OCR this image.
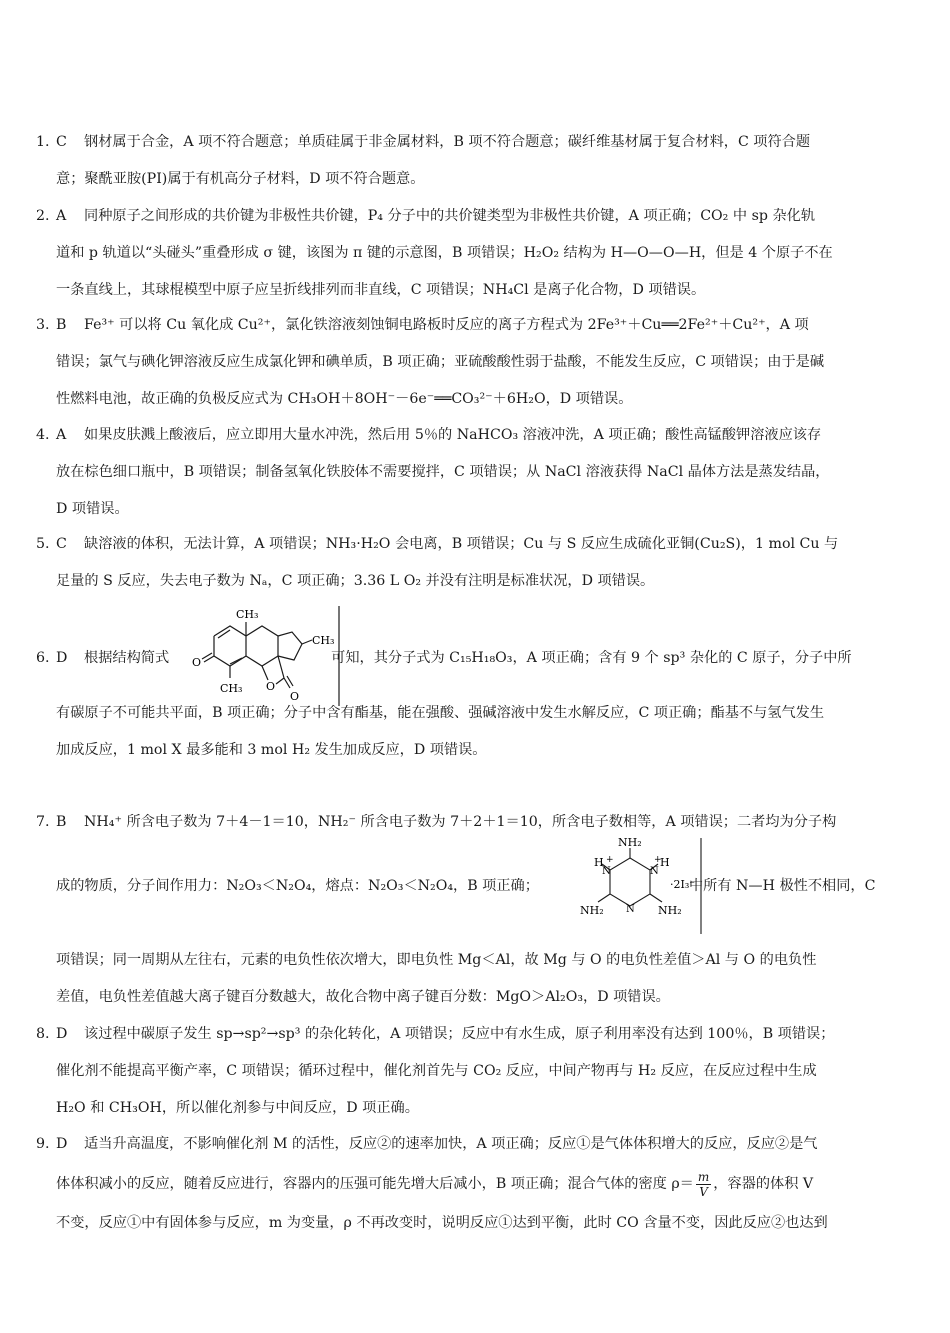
1. C 钢材属于合金，A 项不符合题意；单质硅属于非金属材料，B 项不符合题意；碳纤维基材属于复合材料，C 项符合题
意；聚酰亚胺(PI)属于有机高分子材料，D 项不符合题意。
2. A 同种原子之间形成的共价键为非极性共价键，P₄ 分子中的共价键类型为非极性共价键，A 项正确；CO₂ 中 sp 杂化轨
道和 p 轨道以“头碰头”重叠形成 σ 键，该图为 π 键的示意图，B 项错误；H₂O₂ 结构为 H—O—O—H，但是 4 个原子不在
一条直线上，其球棍模型中原子应呈折线排列而非直线，C 项错误；NH₄Cl 是离子化合物，D 项错误。
3. B Fe³⁺ 可以将 Cu 氧化成 Cu²⁺，氯化铁溶液刻蚀铜电路板时反应的离子方程式为 2Fe³⁺＋Cu══2Fe²⁺＋Cu²⁺，A 项
错误；氯气与碘化钾溶液反应生成氯化钾和碘单质，B 项正确；亚硫酸酸性弱于盐酸，不能发生反应，C 项错误；由于是碱
性燃料电池，故正确的负极反应式为 CH₃OH＋8OH⁻－6e⁻══CO₃²⁻＋6H₂O，D 项错误。
4. A 如果皮肤溅上酸液后，应立即用大量水冲洗，然后用 5％的 NaHCO₃ 溶液冲洗，A 项正确；酸性高锰酸钾溶液应该存
放在棕色细口瓶中，B 项错误；制备氢氧化铁胶体不需要搅拌，C 项错误；从 NaCl 溶液获得 NaCl 晶体方法是蒸发结晶，
D 项错误。
5. C 缺溶液的体积，无法计算，A 项错误；NH₃·H₂O 会电离，B 项错误；Cu 与 S 反应生成硫化亚铜(Cu₂S)，1 mol Cu 与
足量的 S 反应，失去电子数为 Nₐ，C 项正确；3.36 L O₂ 并没有注明是标准状况，D 项错误。
6. D 根据结构简式	可知，其分子式为 C₁₅H₁₈O₃，A 项正确；含有 9 个 sp³ 杂化的 C 原子，分子中所
有碳原子不可能共平面，B 项正确；分子中含有酯基，能在强酸、强碱溶液中发生水解反应，C 项正确；酯基不与氢气发生
加成反应，1 mol X 最多能和 3 mol H₂ 发生加成反应，D 项错误。
CH₃
CH₃
CH₃
O
O
O
7. B NH₄⁺ 所含电子数为 7＋4－1＝10，NH₂⁻ 所含电子数为 7＋2＋1＝10，所含电子数相等，A 项错误；二者均为分子构
成的物质，分子间作用力：N₂O₃＜N₂O₄，熔点：N₂O₃＜N₂O₄，B 项正确；	中所有 N—H 极性不相同，C
项错误；同一周期从左往右，元素的电负性依次增大，即电负性 Mg＜Al，故 Mg 与 O 的电负性差值＞Al 与 O 的电负性
差值，电负性差值越大离子键百分数越大，故化合物中离子键百分数：MgO＞Al₂O₃，D 项错误。
NH₂
NH₂	NH₂
H	H
N	N
N
+	+
·2I₃⁻
8. D 该过程中碳原子发生 sp→sp²→sp³ 的杂化转化，A 项错误；反应中有水生成，原子利用率没有达到 100％，B 项错误；
催化剂不能提高平衡产率，C 项错误；循环过程中，催化剂首先与 CO₂ 反应，中间产物再与 H₂ 反应，在反应过程中生成
H₂O 和 CH₃OH，所以催化剂参与中间反应，D 项正确。
9. D 适当升高温度，不影响催化剂 M 的活性，反应②的速率加快，A 项正确；反应①是气体体积增大的反应，反应②是气
体体积减小的反应，随着反应进行，容器内的压强可能先增大后减小，B 项正确；混合气体的密度 $\rho= \frac{m}{V}$ ，容器的体积 V
不变，反应①中有固体参与反应，m 为变量，ρ 不再改变时，说明反应①达到平衡，此时 CO 含量不变，因此反应②也达到
